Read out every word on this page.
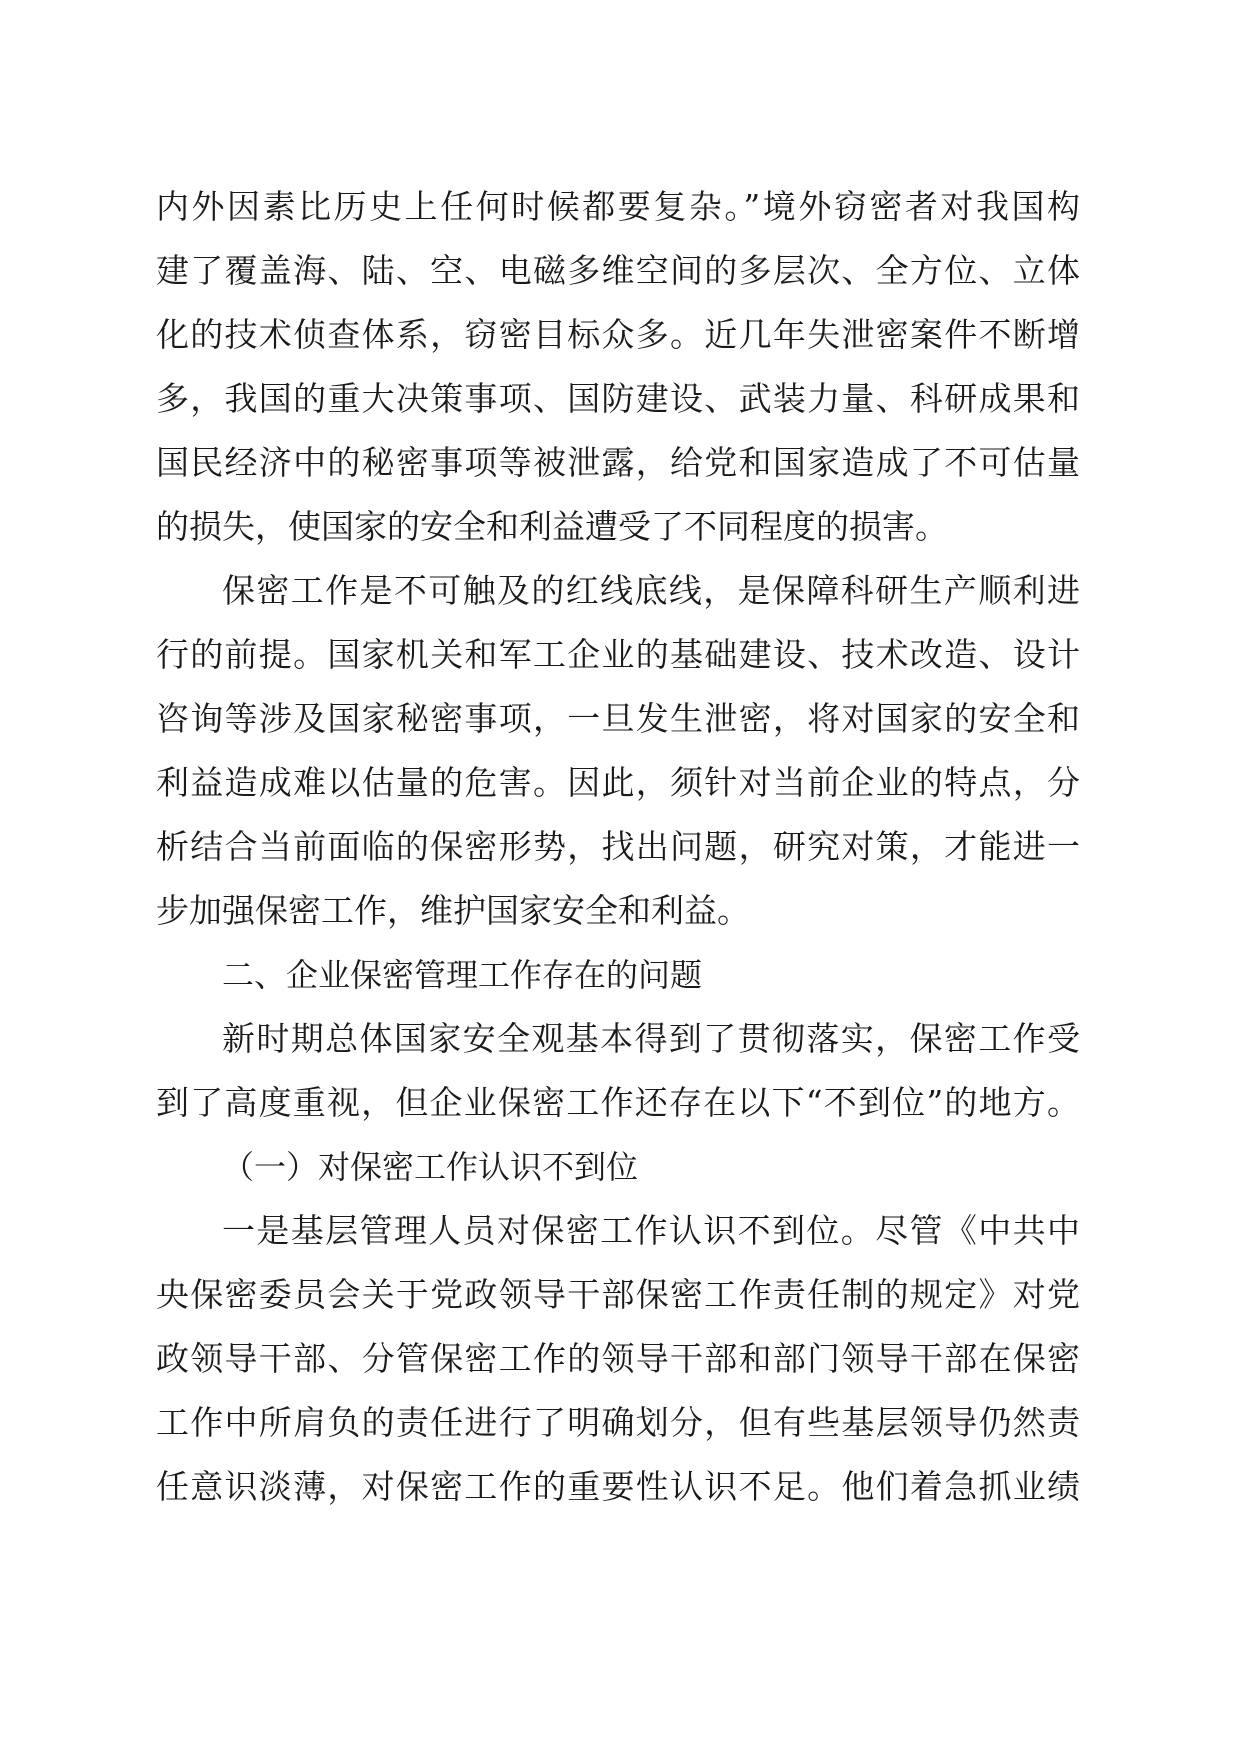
内外因素比历史上任何时候都要复杂。”境外窃密者对我国构
建了覆盖海、陆、空、电磁多维空间的多层次、全方位、立体
化的技术侦查体系，窃密目标众多。近几年失泄密案件不断增
多，我国的重大决策事项、国防建设、武装力量、科研成果和
国民经济中的秘密事项等被泄露，给党和国家造成了不可估量
的损失，使国家的安全和利益遭受了不同程度的损害。
保密工作是不可触及的红线底线，是保障科研生产顺利进
行的前提。国家机关和军工企业的基础建设、技术改造、设计
咨询等涉及国家秘密事项，一旦发生泄密，将对国家的安全和
利益造成难以估量的危害。因此，须针对当前企业的特点，分
析结合当前面临的保密形势，找出问题，研究对策，才能进一
步加强保密工作，维护国家安全和利益。
二、企业保密管理工作存在的问题
新时期总体国家安全观基本得到了贯彻落实，保密工作受
到了高度重视，但企业保密工作还存在以下“不到位”的地方。
（一）对保密工作认识不到位
一是基层管理人员对保密工作认识不到位。尽管《中共中
央保密委员会关于党政领导干部保密工作责任制的规定》对党
政领导干部、分管保密工作的领导干部和部门领导干部在保密
工作中所肩负的责任进行了明确划分，但有些基层领导仍然责
任意识淡薄，对保密工作的重要性认识不足。他们着急抓业绩
